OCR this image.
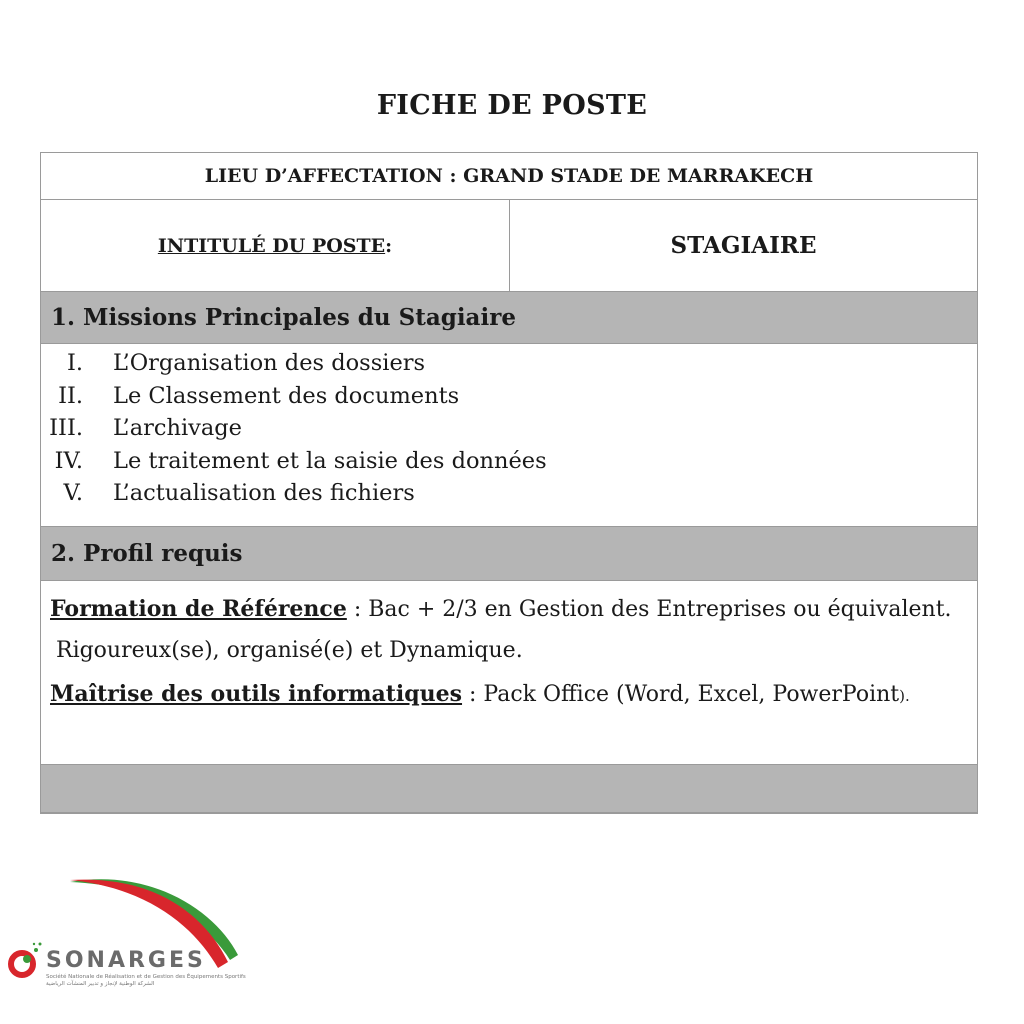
FICHE DE POSTE
LIEU D’AFFECTATION : GRAND STADE DE MARRAKECH
INTITULÉ DU POSTE :	STAGIAIRE
1. Missions Principales du Stagiaire
I.	L’Organisation des dossiers
II.	Le Classement des documents
III.	L’archivage
IV.	Le traitement et la saisie des données
V.	L’actualisation des fichiers
2. Profil requis
Formation de Référence : Bac + 2/3 en Gestion des Entreprises ou équivalent.
Rigoureux(se), organisé(e) et Dynamique.
Maîtrise des outils informatiques : Pack Office (Word, Excel, PowerPoint).
SONARGES
Société Nationale de Réalisation et de Gestion des Équipements Sportifs
الشركة الوطنية لإنجاز و تدبير المنشآت الرياضية
